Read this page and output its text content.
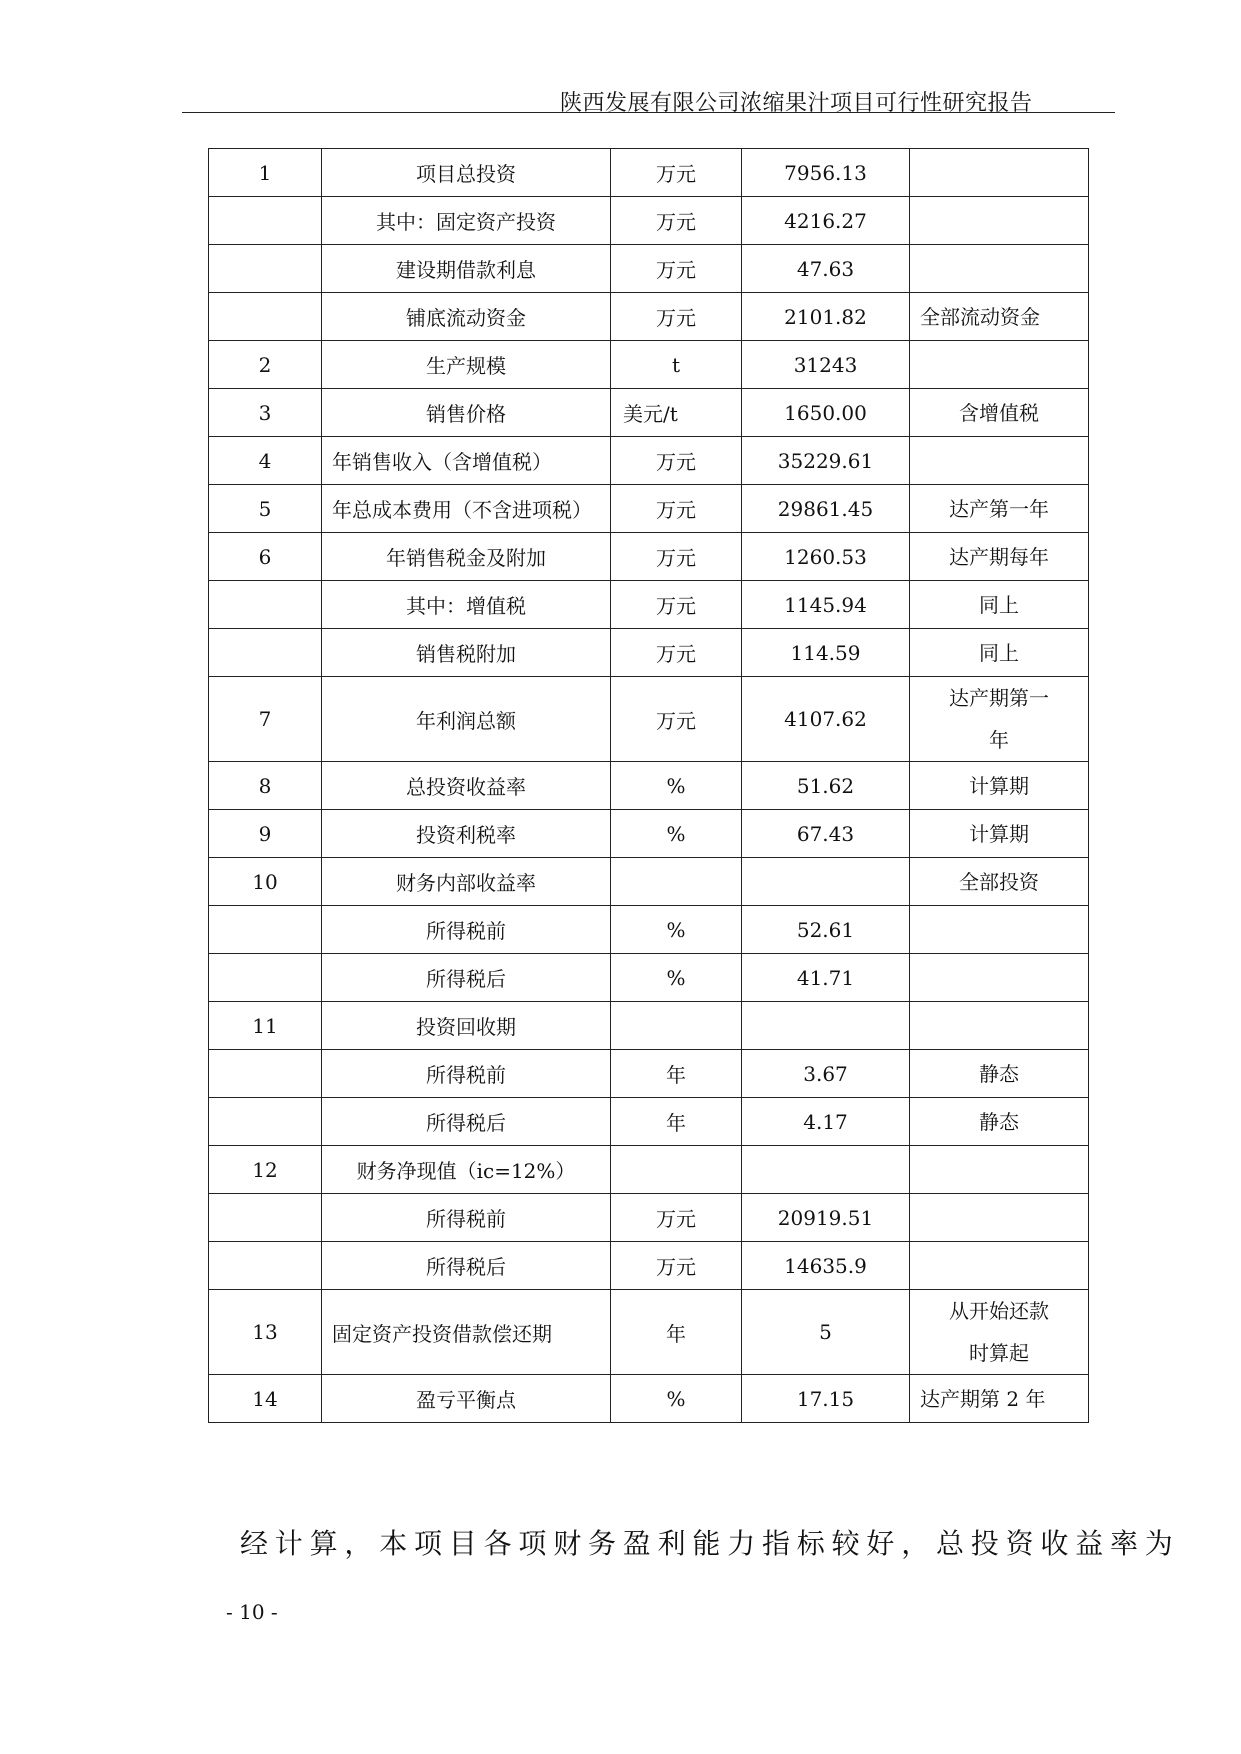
陕西发展有限公司浓缩果汁项目可行性研究报告
1	项目总投资	万元	7956.13	
	其中：固定资产投资	万元	4216.27	
	建设期借款利息	万元	47.63	
	铺底流动资金	万元	2101.82	全部流动资金
2	生产规模	t	31243	
3	销售价格	美元/t	1650.00	含增值税
4	年销售收入（含增值税）	万元	35229.61	
5	年总成本费用（不含进项税）	万元	29861.45	达产第一年
6	年销售税金及附加	万元	1260.53	达产期每年
	其中：增值税	万元	1145.94	同上
	销售税附加	万元	114.59	同上
7	年利润总额	万元	4107.62	达产期第一
年

8	总投资收益率	%	51.62	计算期
9	投资利税率	%	67.43	计算期
10	财务内部收益率			全部投资
	所得税前	%	52.61	
	所得税后	%	41.71	
11	投资回收期			
	所得税前	年	3.67	静态
	所得税后	年	4.17	静态
12	财务净现值（ic=12%）			
	所得税前	万元	20919.51	
	所得税后	万元	14635.9	
13	固定资产投资借款偿还期	年	5	从开始还款
时算起

14	盈亏平衡点	%	17.15	达产期第 2 年
经计算，本项目各项财务盈利能力指标较好，总投资收益率为
- 10 -
